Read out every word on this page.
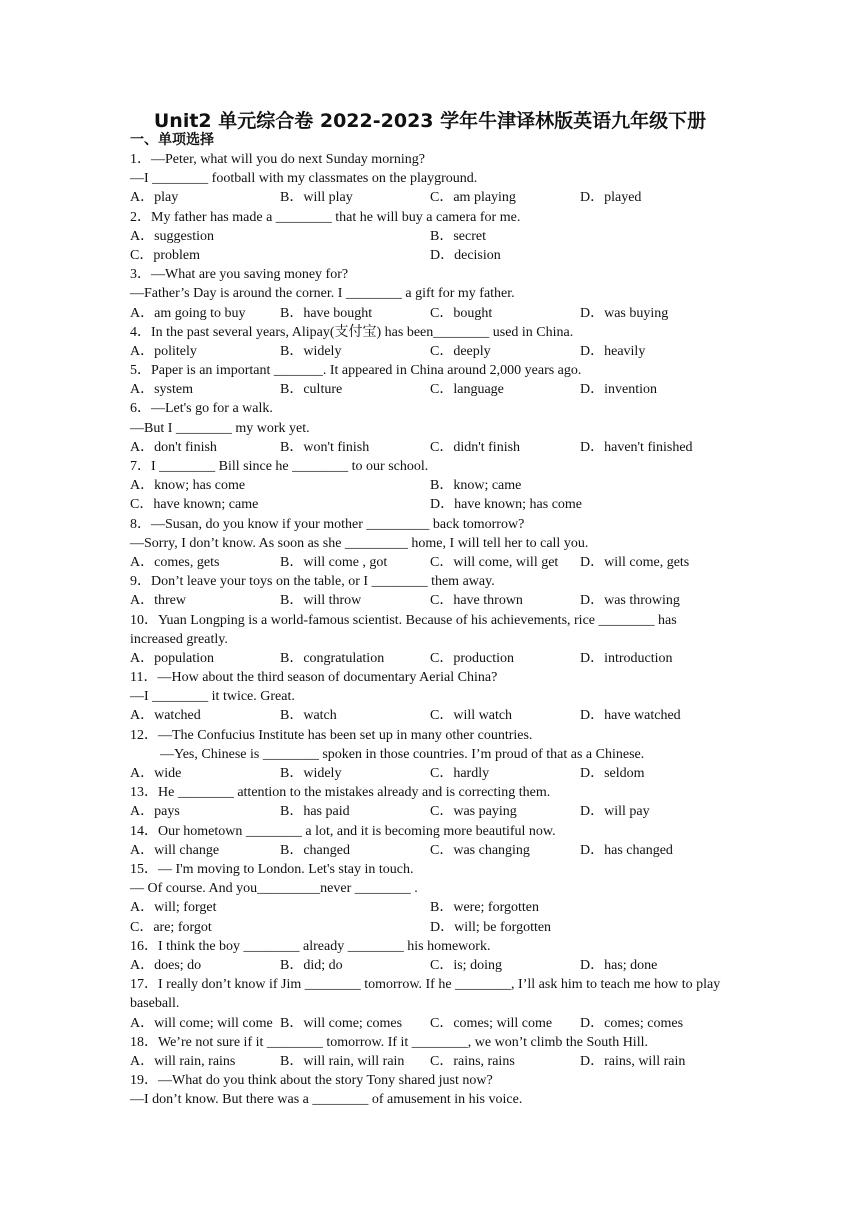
Unit2 单元综合卷 2022-2023 学年牛津译林版英语九年级下册
一、单项选择
1．—Peter, what will you do next Sunday morning?
—I ________ football with my classmates on the playground.
A．play	B．will play	C．am playing	D．played
2．My father has made a ________ that he will buy a camera for me.
A．suggestion	B．secret
C．problem	D．decision
3．—What are you saving money for?
—Father’s Day is around the corner. I ________ a gift for my father.
A．am going to buy	B．have bought	C．bought	D．was buying
4．In the past several years, Alipay(支付宝) has been________ used in China.
A．politely	B．widely	C．deeply	D．heavily
5．Paper is an important _______. It appeared in China around 2,000 years ago.
A．system	B．culture	C．language	D．invention
6．—Let's go for a walk.
—But I ________ my work yet.
A．don't finish	B．won't finish	C．didn't finish	D．haven't finished
7．I ________ Bill since he ________ to our school.
A．know; has come	B．know; came
C．have known; came	D．have known; has come
8．—Susan, do you know if your mother _________ back tomorrow?
—Sorry, I don’t know. As soon as she _________ home, I will tell her to call you.
A．comes, gets	B．will come , got	C．will come, will get	D．will come, gets
9．Don’t leave your toys on the table, or I ________ them away.
A．threw	B．will throw	C．have thrown	D．was throwing
10．Yuan Longping is a world-famous scientist. Because of his achievements, rice ________ has increased greatly.
A．population	B．congratulation	C．production	D．introduction
11．—How about the third season of documentary Aerial China?
—I ________ it twice. Great.
A．watched	B．watch	C．will watch	D．have watched
12．—The Confucius Institute has been set up in many other countries.
—Yes, Chinese is ________ spoken in those countries. I’m proud of that as a Chinese.
A．wide	B．widely	C．hardly	D．seldom
13．He ________ attention to the mistakes already and is correcting them.
A．pays	B．has paid	C．was paying	D．will pay
14．Our hometown ________ a lot, and it is becoming more beautiful now.
A．will change	B．changed	C．was changing	D．has changed
15．— I'm moving to London. Let's stay in touch.
— Of course. And you_________never ________ .
A．will; forget	B．were; forgotten
C．are; forgot	D．will; be forgotten
16．I think the boy ________ already ________ his homework.
A．does; do	B．did; do	C．is; doing	D．has; done
17．I really don’t know if Jim ________ tomorrow. If he ________, I’ll ask him to teach me how to play baseball.
A．will come; will come B．will come; comes	C．comes; will come	D．comes; comes
18．We’re not sure if it ________ tomorrow. If it ________, we won’t climb the South Hill.
A．will rain, rains	B．will rain, will rain	C．rains, rains	D．rains, will rain
19．—What do you think about the story Tony shared just now?
—I don’t know. But there was a ________ of amusement in his voice.
